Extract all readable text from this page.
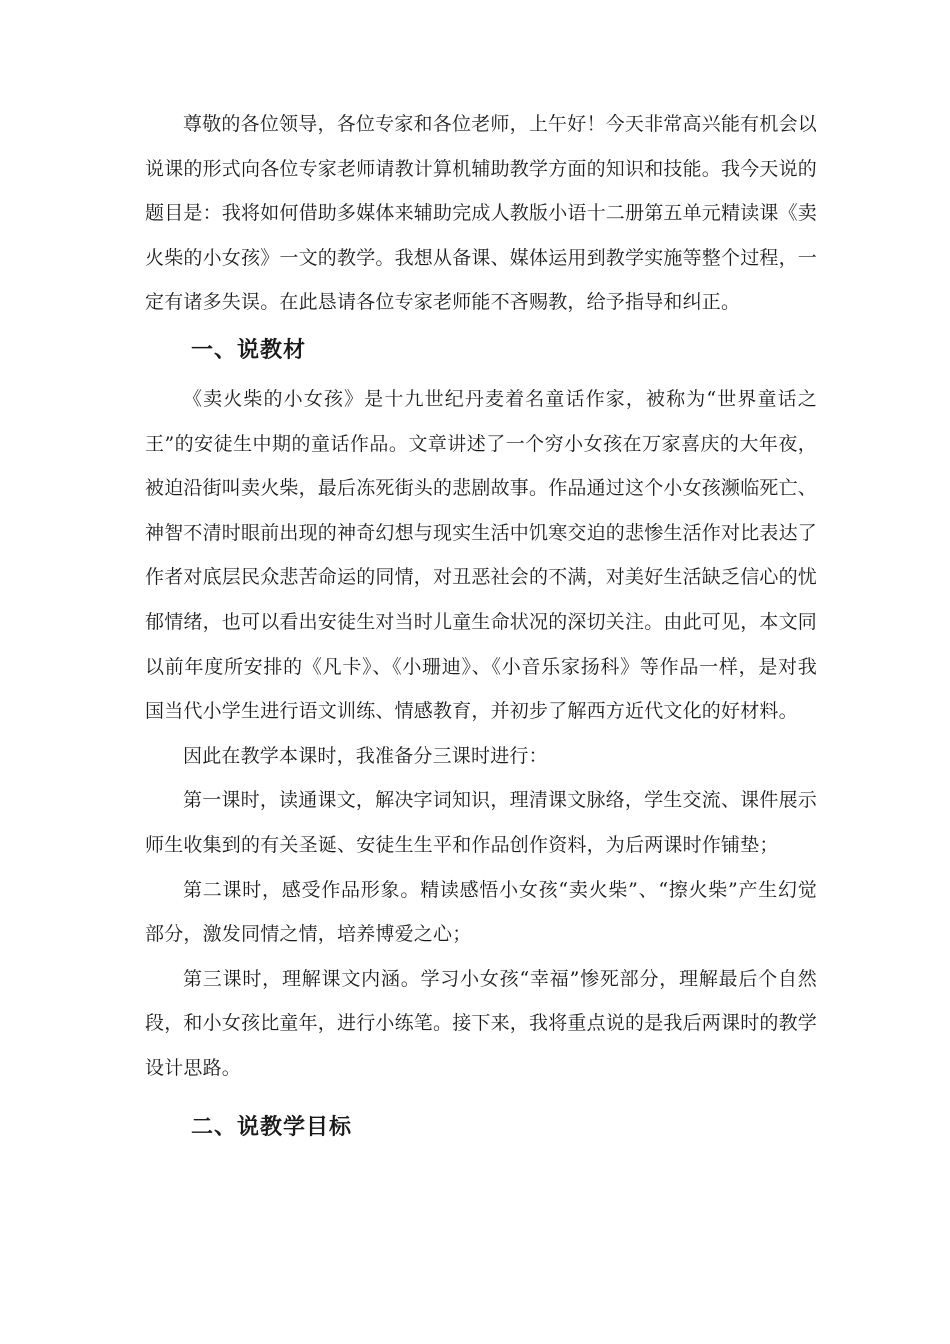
尊敬的各位领导，各位专家和各位老师，上午好！今天非常高兴能有机会以说课的形式向各位专家老师请教计算机辅助教学方面的知识和技能。我今天说的题目是：我将如何借助多媒体来辅助完成人教版小语十二册第五单元精读课《卖火柴的小女孩》一文的教学。我想从备课、媒体运用到教学实施等整个过程，一定有诸多失误。在此恳请各位专家老师能不吝赐教，给予指导和纠正。

一、说教材

《卖火柴的小女孩》是十九世纪丹麦着名童话作家，被称为“世界童话之王”的安徒生中期的童话作品。文章讲述了一个穷小女孩在万家喜庆的大年夜，被迫沿街叫卖火柴，最后冻死街头的悲剧故事。作品通过这个小女孩濒临死亡、神智不清时眼前出现的神奇幻想与现实生活中饥寒交迫的悲惨生活作对比表达了作者对底层民众悲苦命运的同情，对丑恶社会的不满，对美好生活缺乏信心的忧郁情绪，也可以看出安徒生对当时儿童生命状况的深切关注。由此可见，本文同以前年度所安排的《凡卡》、《小珊迪》、《小音乐家扬科》等作品一样，是对我国当代小学生进行语文训练、情感教育，并初步了解西方近代文化的好材料。

因此在教学本课时，我准备分三课时进行：

第一课时，读通课文，解决字词知识，理清课文脉络，学生交流、课件展示师生收集到的有关圣诞、安徒生生平和作品创作资料，为后两课时作铺垫；

第二课时，感受作品形象。精读感悟小女孩“卖火柴”、“擦火柴”产生幻觉部分，激发同情之情，培养博爱之心；

第三课时，理解课文内涵。学习小女孩“幸福”惨死部分，理解最后个自然段，和小女孩比童年，进行小练笔。接下来，我将重点说的是我后两课时的教学设计思路。

二、说教学目标
